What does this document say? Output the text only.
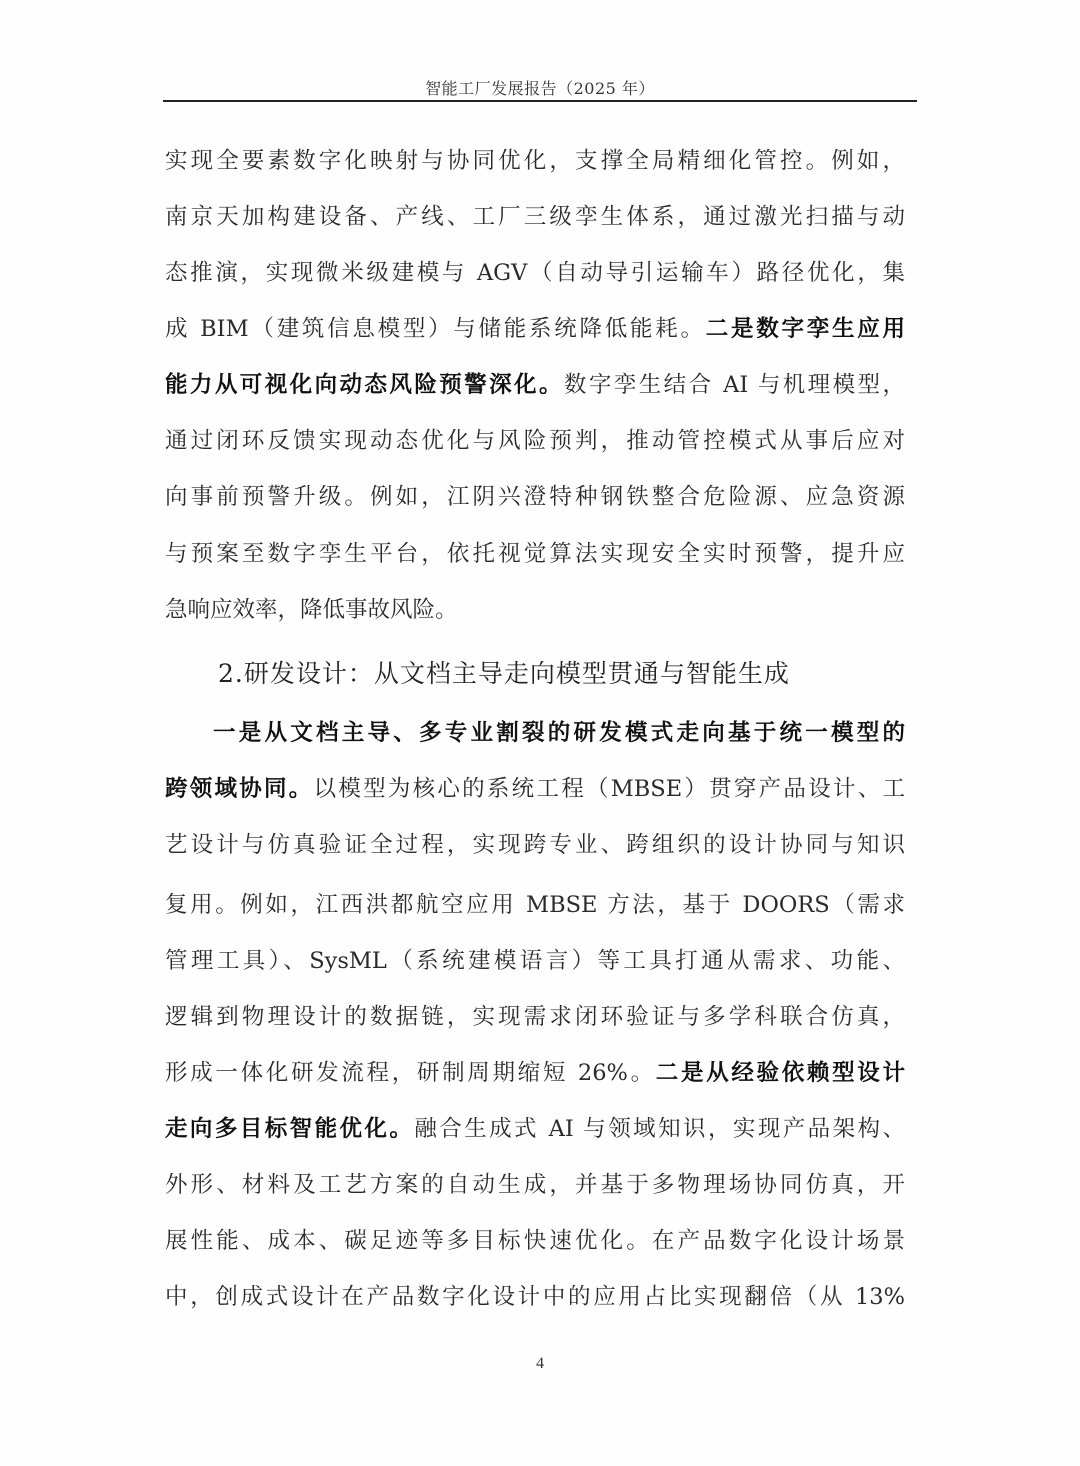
智能工厂发展报告（2025 年）
实现全要素数字化映射与协同优化，支撑全局精细化管控。例如，
南京天加构建设备、产线、工厂三级孪生体系，通过激光扫描与动
态推演，实现微米级建模与 AGV（自动导引运输车）路径优化，集
成 BIM（建筑信息模型）与储能系统降低能耗。二是数字孪生应用
能力从可视化向动态风险预警深化。数字孪生结合 AI 与机理模型，
通过闭环反馈实现动态优化与风险预判，推动管控模式从事后应对
向事前预警升级。例如，江阴兴澄特种钢铁整合危险源、应急资源
与预案至数字孪生平台，依托视觉算法实现安全实时预警，提升应
急响应效率，降低事故风险。
2.研发设计：从文档主导走向模型贯通与智能生成
一是从文档主导、多专业割裂的研发模式走向基于统一模型的
跨领域协同。以模型为核心的系统工程（MBSE）贯穿产品设计、工
艺设计与仿真验证全过程，实现跨专业、跨组织的设计协同与知识
复用。例如，江西洪都航空应用 MBSE 方法，基于 DOORS（需求
管理工具）、SysML（系统建模语言）等工具打通从需求、功能、
逻辑到物理设计的数据链，实现需求闭环验证与多学科联合仿真，
形成一体化研发流程，研制周期缩短 26%。二是从经验依赖型设计
走向多目标智能优化。融合生成式 AI 与领域知识，实现产品架构、
外形、材料及工艺方案的自动生成，并基于多物理场协同仿真，开
展性能、成本、碳足迹等多目标快速优化。在产品数字化设计场景
中，创成式设计在产品数字化设计中的应用占比实现翻倍（从 13%
4
